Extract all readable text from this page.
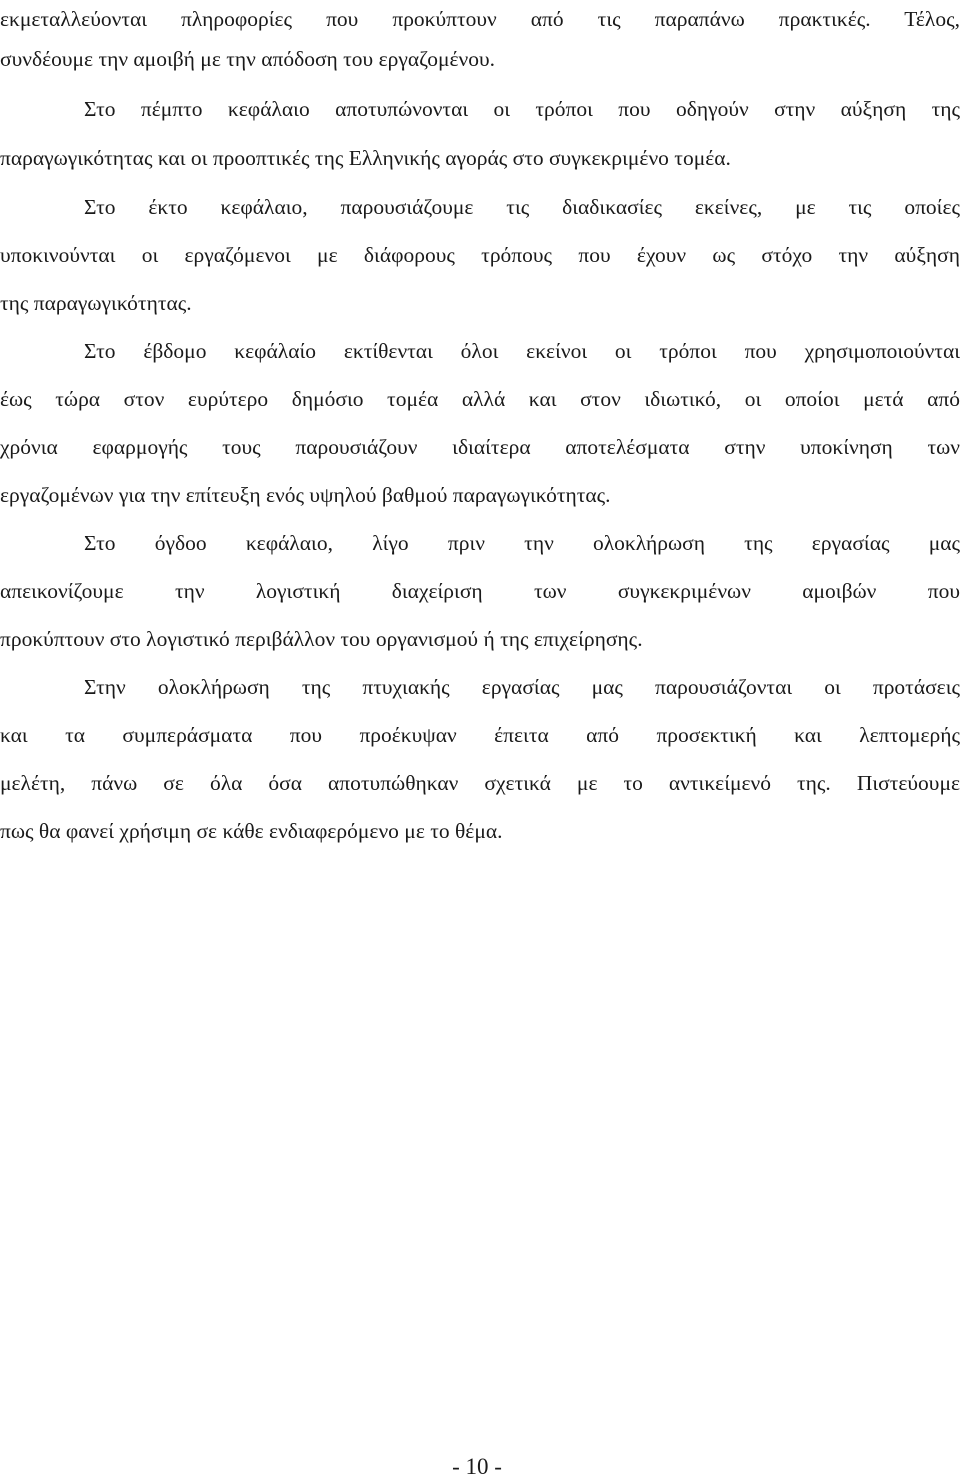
εκμεταλλεύονται πληροφορίες που προκύπτουν από τις παραπάνω πρακτικές. Τέλος,
συνδέουμε την αμοιβή με την απόδοση του εργαζομένου.
Στο πέμπτο κεφάλαιο αποτυπώνονται οι τρόποι που οδηγούν στην αύξηση της
παραγωγικότητας και οι προοπτικές της Ελληνικής αγοράς στο συγκεκριμένο τομέα.
Στο έκτο κεφάλαιο, παρουσιάζουμε τις διαδικασίες εκείνες, με τις οποίες
υποκινούνται οι εργαζόμενοι με διάφορους τρόπους που έχουν ως στόχο την αύξηση
της παραγωγικότητας.
Στο έβδομο κεφάλαίο εκτίθενται όλοι εκείνοι οι τρόποι που χρησιμοποιούνται
έως τώρα στον ευρύτερο δημόσιο τομέα αλλά και στον ιδιωτικό, οι οποίοι μετά από
χρόνια εφαρμογής τους παρουσιάζουν ιδιαίτερα αποτελέσματα στην υποκίνηση των
εργαζομένων για την επίτευξη ενός υψηλού βαθμού παραγωγικότητας.
Στο όγδοο κεφάλαιο, λίγο πριν την ολοκλήρωση της εργασίας μας
απεικονίζουμε την λογιστική διαχείριση των συγκεκριμένων αμοιβών που
προκύπτουν στο λογιστικό περιβάλλον του οργανισμού ή της επιχείρησης.
Στην ολοκλήρωση της πτυχιακής εργασίας μας παρουσιάζονται οι προτάσεις
και τα συμπεράσματα που προέκυψαν έπειτα από προσεκτική και λεπτομερής
μελέτη, πάνω σε όλα όσα αποτυπώθηκαν σχετικά με το αντικείμενό της. Πιστεύουμε
πως θα φανεί χρήσιμη σε κάθε ενδιαφερόμενο με το θέμα.
- 10 -
